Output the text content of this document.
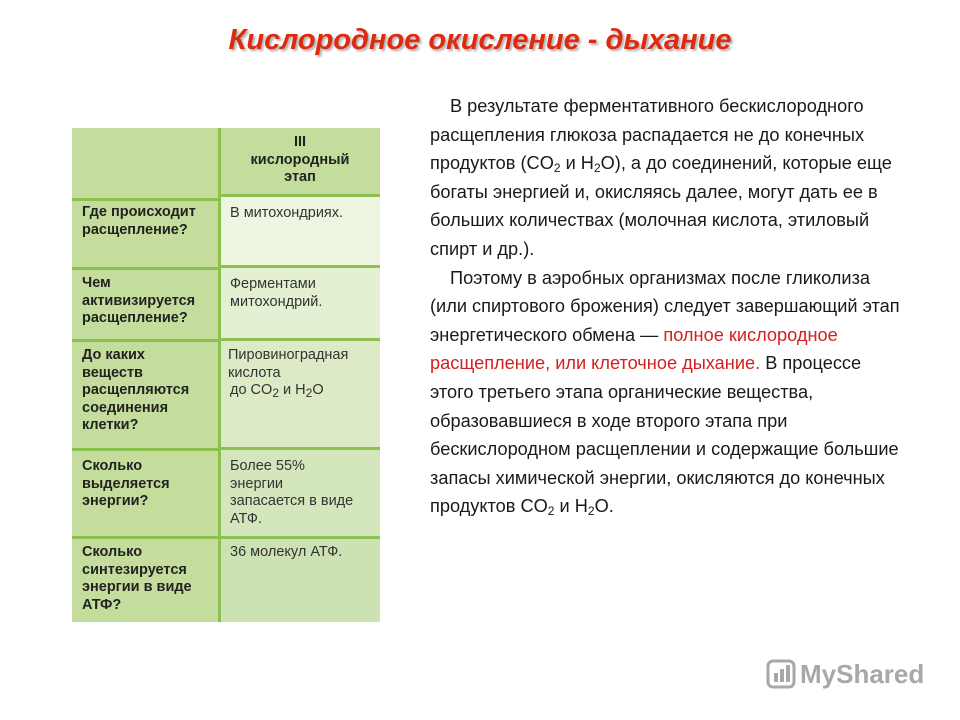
Кислородное окисление - дыхание
III
кислородный
этап
Где происходит
расщепление?
В митохондриях.
Чем
активизируется
расщепление?
Ферментами
митохондрий.
До каких
веществ
расщепляются
соединения
клетки?
Пировиноградная
кислота
до $CO_2$ и $H_2O$
Сколько
выделяется
энергии?
Более 55%
энергии
запасается в виде
АТФ.
Сколько
синтезируется
энергии в виде
АТФ?
36 молекул АТФ.

В результате ферментативного бескислородного расщепления глюкоза распадается не до конечных продуктов ($CO_2$ и $H_2O$), а до соединений, которые еще богаты энергией и, окисляясь далее, могут дать ее в больших количествах (молочная кислота, этиловый спирт и др.).

Поэтому в аэробных организмах после гликолиза (или спиртового брожения) следует завершающий этап энергетического обмена — полное кислородное расщепление, или клеточное дыхание. В процессе этого третьего этапа органические вещества, образовавшиеся в ходе второго этапа при бескислородном расщеплении и содержащие большие запасы химической энергии, окисляются до конечных продуктов $CO_2$ и $H_2O$.

MyShared
